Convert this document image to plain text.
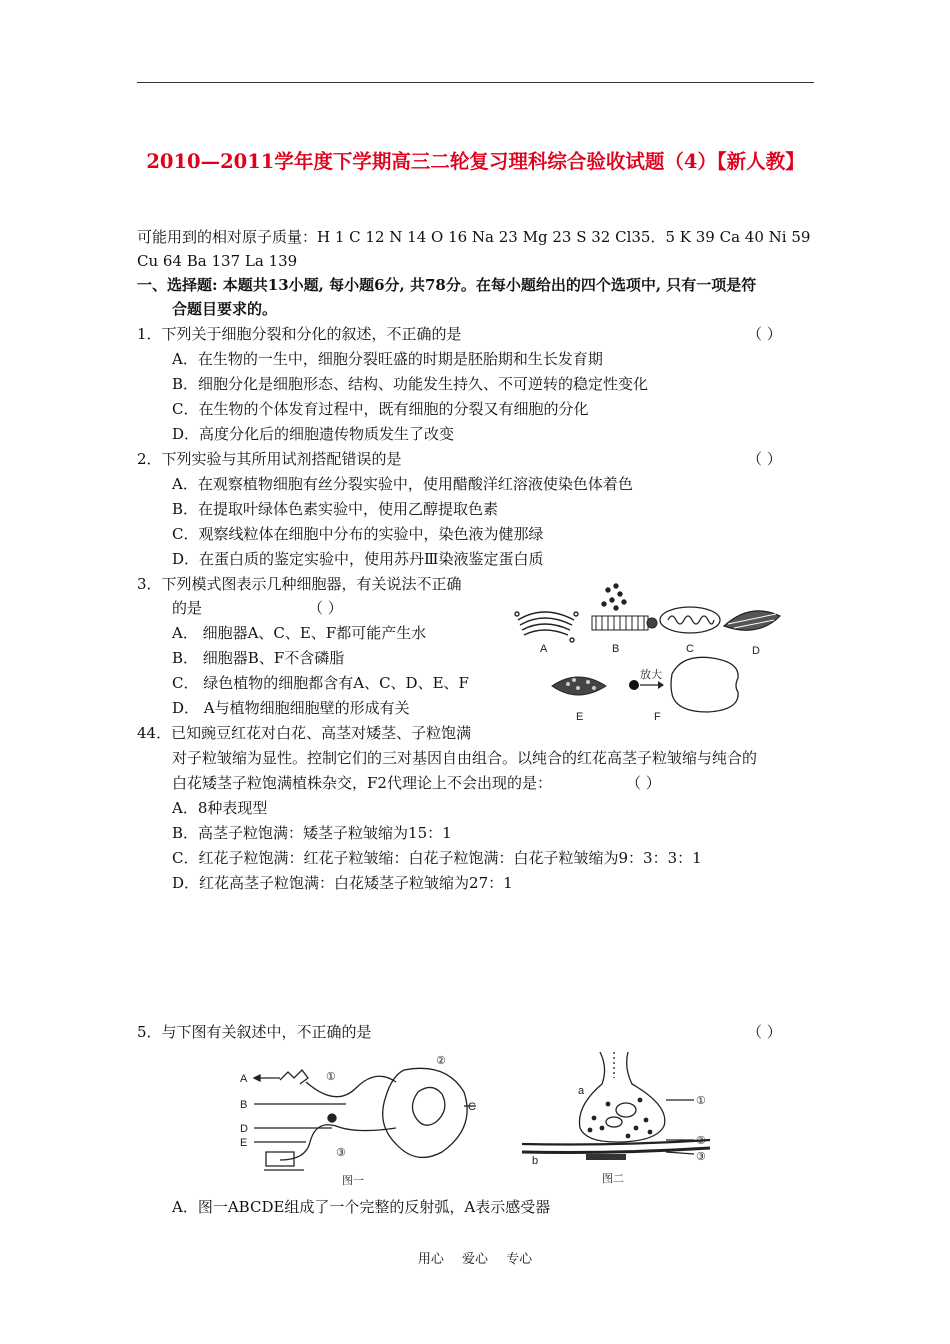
2010—2011学年度下学期高三二轮复习理科综合验收试题（4）【新人教】
可能用到的相对原子质量：H 1 C 12 N 14 O 16 Na 23 Mg 23 S 32 Cl35．5 K 39 Ca 40 Ni 59
Cu 64 Ba 137 La 139
一、选择题: 本题共13小题, 每小题6分, 共78分。在每小题给出的四个选项中, 只有一项是符
合题目要求的。
1．下列关于细胞分裂和分化的叙述，不正确的是	（ ）
A．在生物的一生中，细胞分裂旺盛的时期是胚胎期和生长发育期
B．细胞分化是细胞形态、结构、功能发生持久、不可逆转的稳定性变化
C．在生物的个体发育过程中，既有细胞的分裂又有细胞的分化
D．高度分化后的细胞遗传物质发生了改变
2．下列实验与其所用试剂搭配错误的是	（ ）
A．在观察植物细胞有丝分裂实验中，使用醋酸洋红溶液使染色体着色
B．在提取叶绿体色素实验中，使用乙醇提取色素
C．观察线粒体在细胞中分布的实验中，染色液为健那绿
D．在蛋白质的鉴定实验中，使用苏丹Ⅲ染液鉴定蛋白质
3．下列模式图表示几种细胞器，有关说法不正确
的是	（ ）
A． 细胞器A、C、E、F都可能产生水
B． 细胞器B、F不含磷脂
C． 绿色植物的细胞都含有A、C、D、E、F
D． A与植物细胞细胞壁的形成有关
A	B	C	D
E
放大
F
44．已知豌豆红花对白花、高茎对矮茎、子粒饱满
对子粒皱缩为显性。控制它们的三对基因自由组合。以纯合的红花高茎子粒皱缩与纯合的
白花矮茎子粒饱满植株杂交，F2代理论上不会出现的是：	（ ）
A．8种表现型
B．高茎子粒饱满：矮茎子粒皱缩为15：1
C．红花子粒饱满：红花子粒皱缩：白花子粒饱满：白花子粒皱缩为9：3：3：1
D．红花高茎子粒饱满：白花矮茎子粒皱缩为27：1
5．与下图有关叙述中，不正确的是	（ ）
A
B	C
D
E
①
②
③
图一
a
b
①
②
③
图二
A．图一ABCDE组成了一个完整的反射弧，A表示感受器
用心 爱心 专心
